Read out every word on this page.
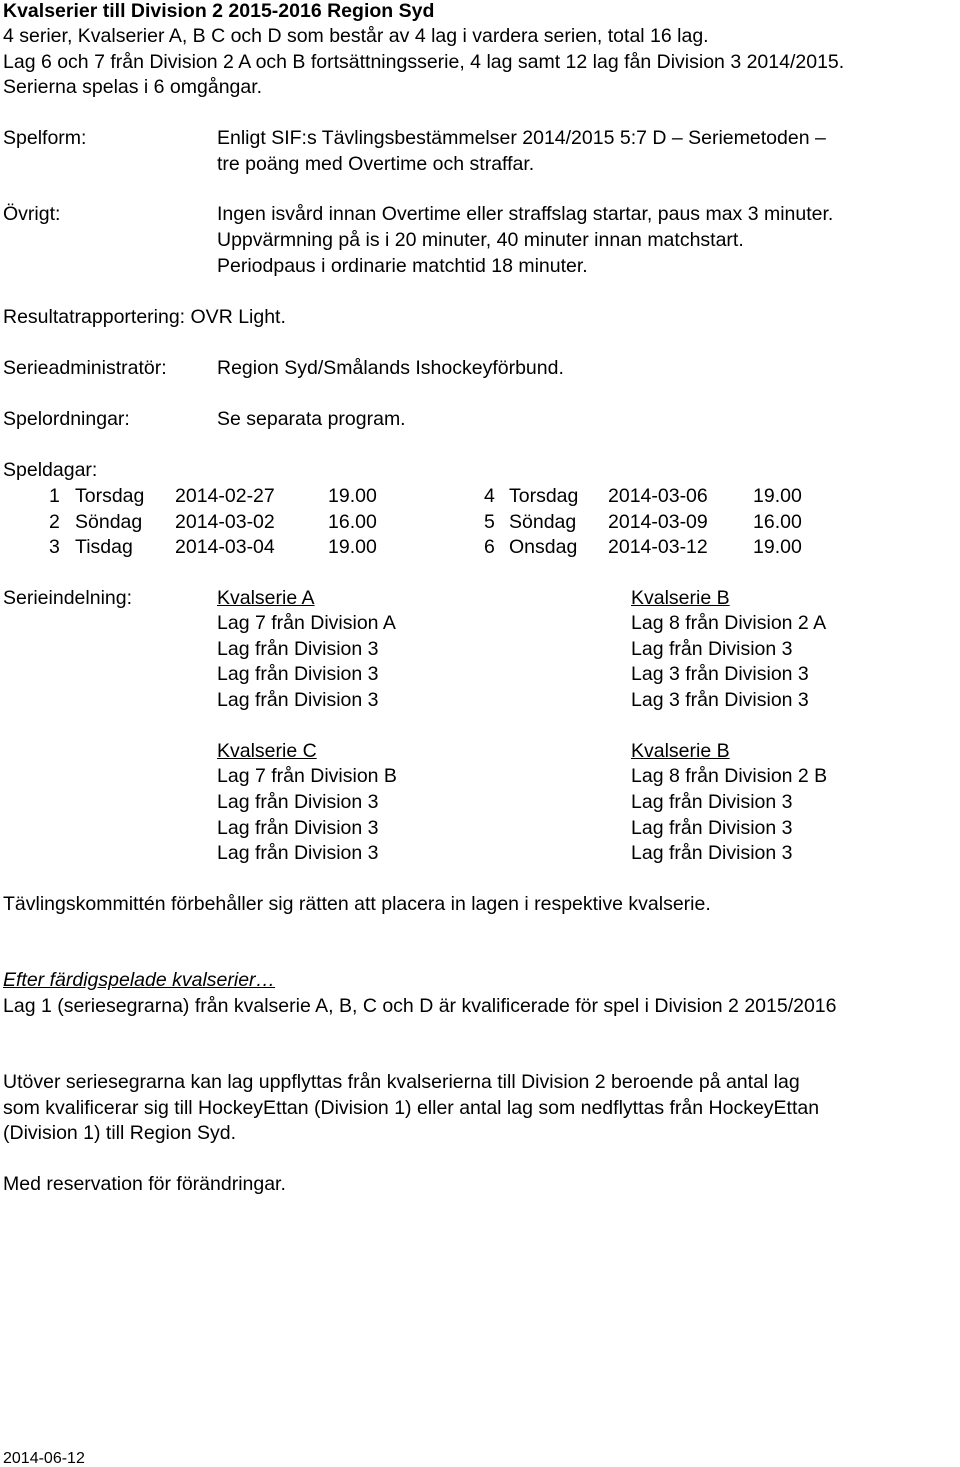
Kvalserier till Division 2 2015-2016 Region Syd
4 serier, Kvalserier A, B C och D som består av 4 lag i vardera serien, total 16 lag.
Lag 6 och 7 från Division 2 A och B fortsättningsserie, 4 lag samt 12 lag fån Division 3 2014/2015.
Serierna spelas i 6 omgångar.
Spelform:	Enligt SIF:s Tävlingsbestämmelser 2014/2015 5:7 D – Seriemetoden –
tre poäng med Overtime och straffar.
Övrigt:	Ingen isvård innan Overtime eller straffslag startar, paus max 3 minuter.
Uppvärmning på is i 20 minuter, 40 minuter innan matchstart.
Periodpaus i ordinarie matchtid 18 minuter.
Resultatrapportering: OVR Light.
Serieadministratör:	Region Syd/Smålands Ishockeyförbund.
Spelordningar:	Se separata program.
Speldagar:
1 Torsdag 2014-02-27	19.00
2 Söndag 2014-03-02	16.00
3 Tisdag 2014-03-04	19.00
4 Torsdag 2014-03-06 19.00
5 Söndag 2014-03-09 16.00
6 Onsdag 2014-03-12 19.00
Serieindelning:	Kvalserie A
Lag 7 från Division A
Lag från Division 3
Lag från Division 3
Lag från Division 3
Kvalserie B
Lag 8 från Division 2 A
Lag från Division 3
Lag 3 från Division 3
Lag 3 från Division 3
Kvalserie C
Lag 7 från Division B
Lag från Division 3
Lag från Division 3
Lag från Division 3
Kvalserie B
Lag 8 från Division 2 B
Lag från Division 3
Lag från Division 3
Lag från Division 3
Tävlingskommittén förbehåller sig rätten att placera in lagen i respektive kvalserie.
Efter färdigspelade kvalserier…
Lag 1 (seriesegrarna) från kvalserie A, B, C och D är kvalificerade för spel i Division 2 2015/2016
Utöver seriesegrarna kan lag uppflyttas från kvalserierna till Division 2 beroende på antal lag
som kvalificerar sig till HockeyEttan (Division 1) eller antal lag som nedflyttas från HockeyEttan
(Division 1) till Region Syd.
Med reservation för förändringar.
2014-06-12
